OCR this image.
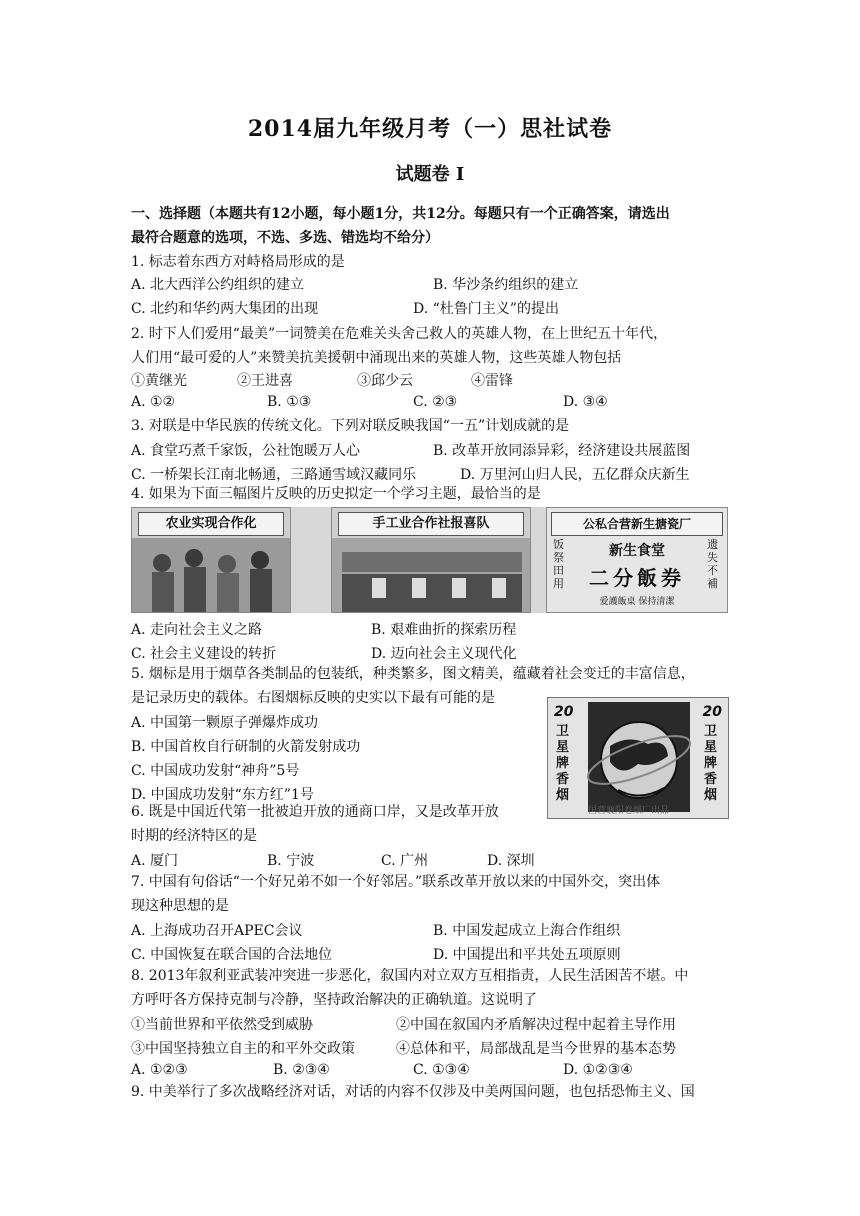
2014届九年级月考（一）思社试卷
试题卷 I
一、选择题（本题共有12小题，每小题1分，共12分。每题只有一个正确答案，请选出
最符合题意的选项，不选、多选、错选均不给分）
1. 标志着东西方对峙格局形成的是
A. 北大西洋公约组织的建立	B. 华沙条约组织的建立
C. 北约和华约两大集团的出现	D. “杜鲁门主义”的提出
2. 时下人们爱用“最美”一词赞美在危难关头舍己救人的英雄人物，在上世纪五十年代，
人们用“最可爱的人”来赞美抗美援朝中涌现出来的英雄人物，这些英雄人物包括
①黄继光	②王进喜	③邱少云	④雷锋
A. ①②	B. ①③	C. ②③	D. ③④
3. 对联是中华民族的传统文化。下列对联反映我国“一五”计划成就的是
A. 食堂巧煮千家饭，公社饱暖万人心	B. 改革开放同添异彩，经济建设共展蓝图
C. 一桥架长江南北畅通，三路通雪域汉藏同乐	D. 万里河山归人民，五亿群众庆新生
农业实现合作化	手工业合作社报喜队	公私合营新生搪瓷厂
饭祭田用
遗失不補
新生食堂
二分飯券
爱護飯桌 保持清潔
A. 走向社会主义之路	B. 艰难曲折的探索历程
C. 社会主义建设的转折	D. 迈向社会主义现代化
5. 烟标是用于烟草各类制品的包装纸，种类繁多，图文精美，蕴藏着社会变迁的丰富信息，
是记录历史的载体。右图烟标反映的史实以下最有可能的是
A. 中国第一颗原子弹爆炸成功
B. 中国首枚自行研制的火箭发射成功
C. 中国成功发射“神舟”5号
D. 中国成功发射“东方红”1号
20	20
卫星牌香烟
卫星牌香烟
国营襄阳卷烟厂出品
6. 既是中国近代第一批被迫开放的通商口岸，又是改革开放
时期的经济特区的是
A. 厦门	B. 宁波	C. 广州	D. 深圳
7. 中国有句俗话“一个好兄弟不如一个好邻居。”联系改革开放以来的中国外交，突出体
现这种思想的是
A. 上海成功召开APEC会议	B. 中国发起成立上海合作组织
C. 中国恢复在联合国的合法地位	D. 中国提出和平共处五项原则
8. 2013年叙利亚武装冲突进一步恶化，叙国内对立双方互相指责，人民生活困苦不堪。中
方呼吁各方保持克制与冷静，坚持政治解决的正确轨道。这说明了
①当前世界和平依然受到威胁	②中国在叙国内矛盾解决过程中起着主导作用
③中国坚持独立自主的和平外交政策	④总体和平，局部战乱是当今世界的基本态势
A. ①②③	B. ②③④	C. ①③④	D. ①②③④
9. 中美举行了多次战略经济对话，对话的内容不仅涉及中美两国问题，也包括恐怖主义、国
4. 如果为下面三幅图片反映的历史拟定一个学习主题，最恰当的是
